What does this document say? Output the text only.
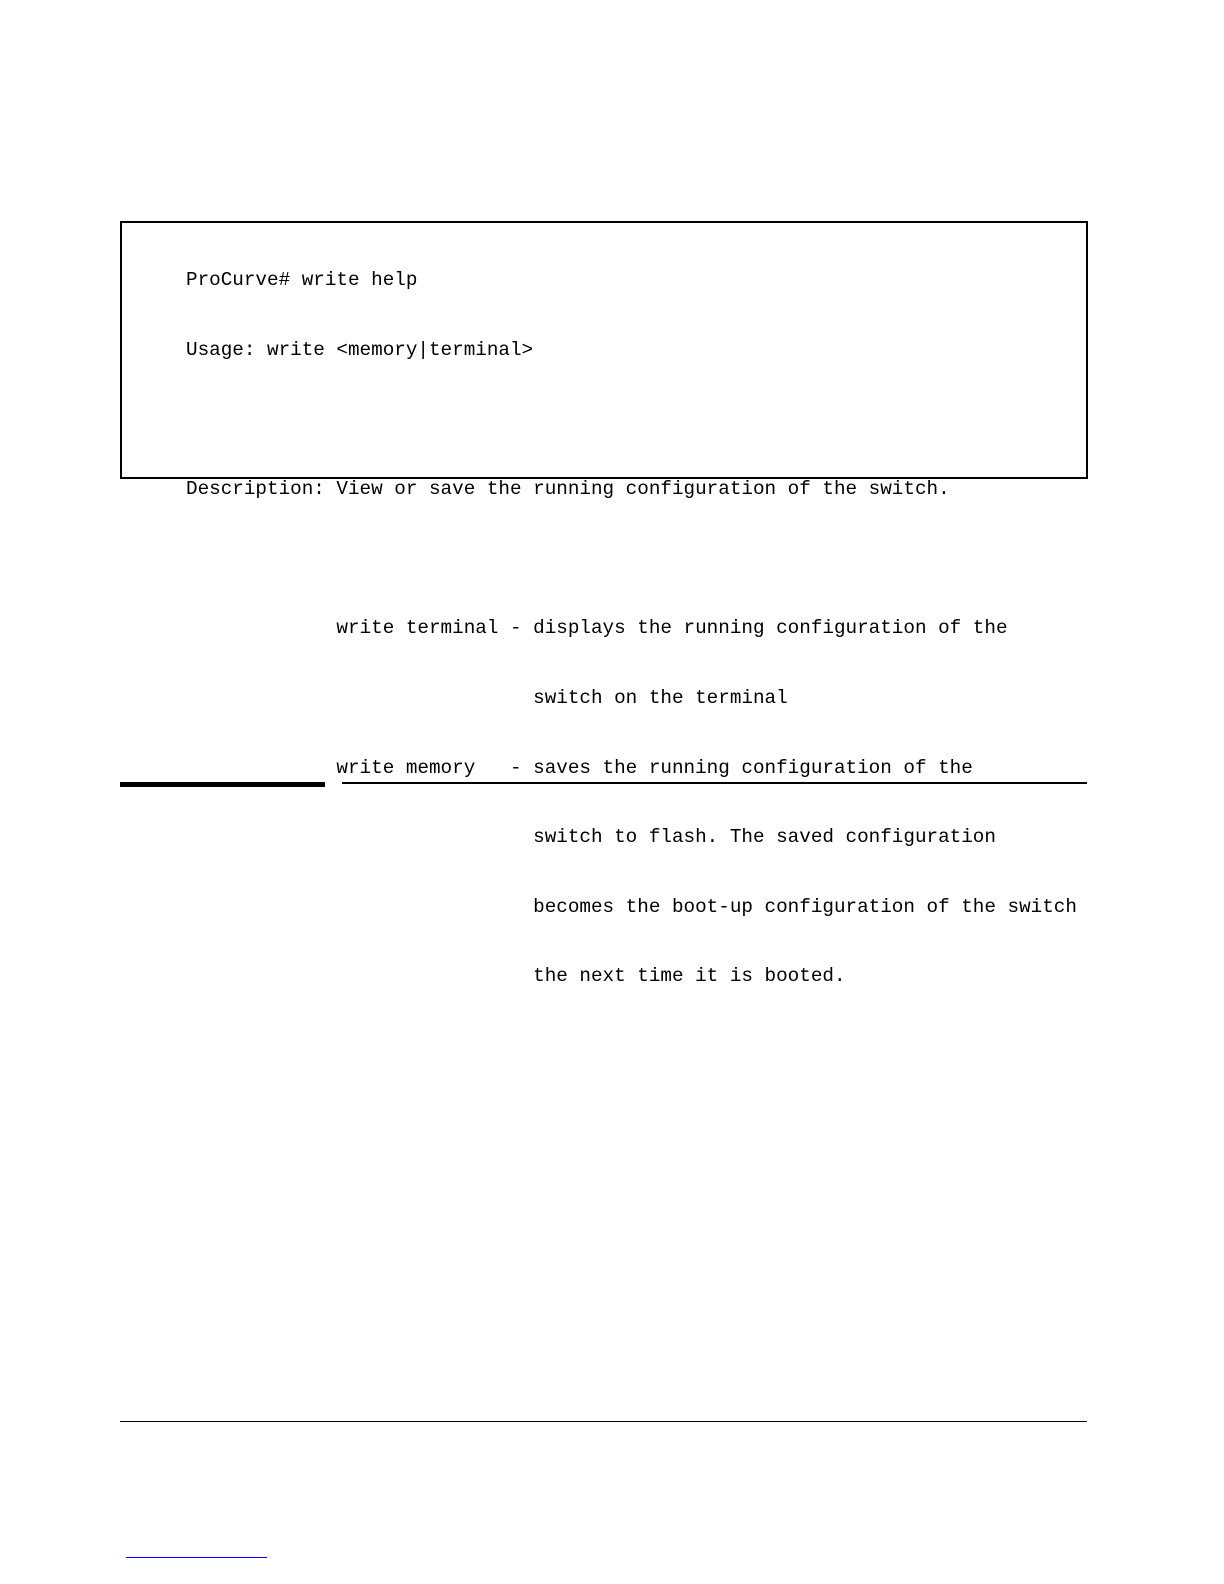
ProCurve# write help

Usage: write <memory|terminal>

Description: View or save the running configuration of the switch.

write terminal - displays the running configuration of the

switch on the terminal

write memory   - saves the running configuration of the

switch to flash. The saved configuration

becomes the boot-up configuration of the switch

the next time it is booted.
